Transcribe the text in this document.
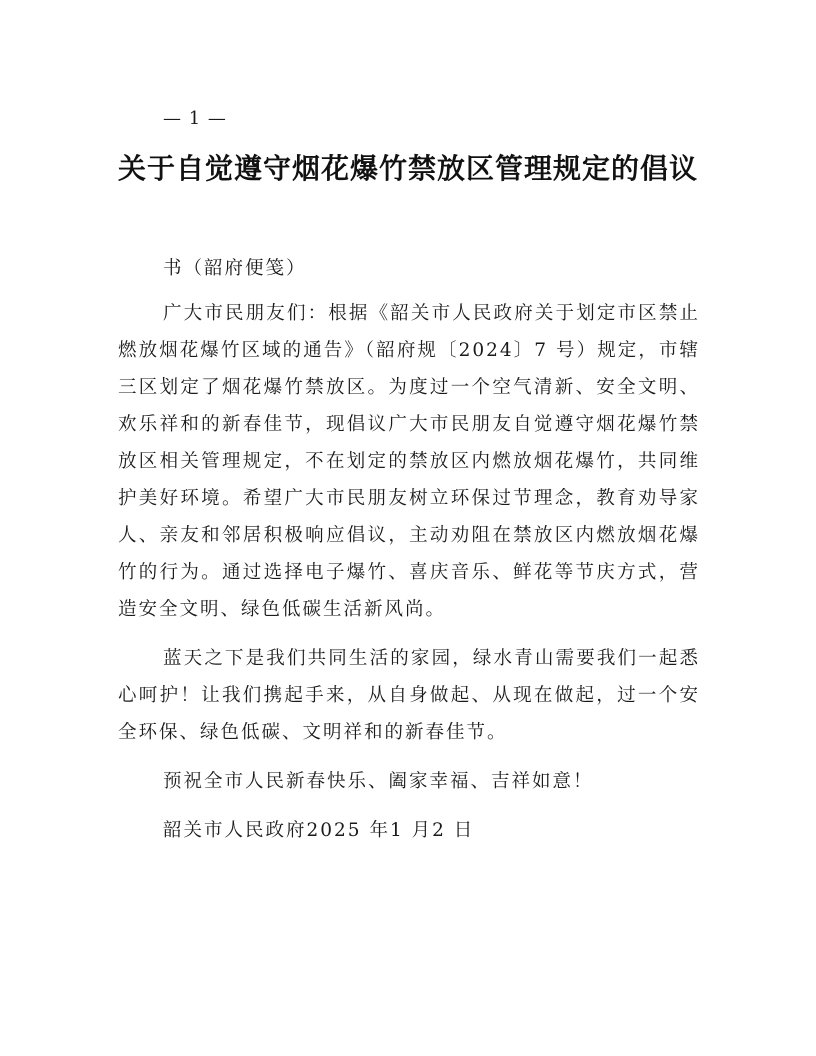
— 1 —
关于自觉遵守烟花爆竹禁放区管理规定的倡议

书（韶府便笺）

广大市民朋友们：根据《韶关市人民政府关于划定市区禁止燃放烟花爆竹区域的通告》（韶府规〔2024〕7 号）规定，市辖三区划定了烟花爆竹禁放区。为度过一个空气清新、安全文明、欢乐祥和的新春佳节，现倡议广大市民朋友自觉遵守烟花爆竹禁放区相关管理规定，不在划定的禁放区内燃放烟花爆竹，共同维护美好环境。希望广大市民朋友树立环保过节理念，教育劝导家人、亲友和邻居积极响应倡议，主动劝阻在禁放区内燃放烟花爆竹的行为。通过选择电子爆竹、喜庆音乐、鲜花等节庆方式，营造安全文明、绿色低碳生活新风尚。

蓝天之下是我们共同生活的家园，绿水青山需要我们一起悉心呵护！让我们携起手来，从自身做起、从现在做起，过一个安全环保、绿色低碳、文明祥和的新春佳节。

预祝全市人民新春快乐、阖家幸福、吉祥如意！

韶关市人民政府2025 年1 月2 日
